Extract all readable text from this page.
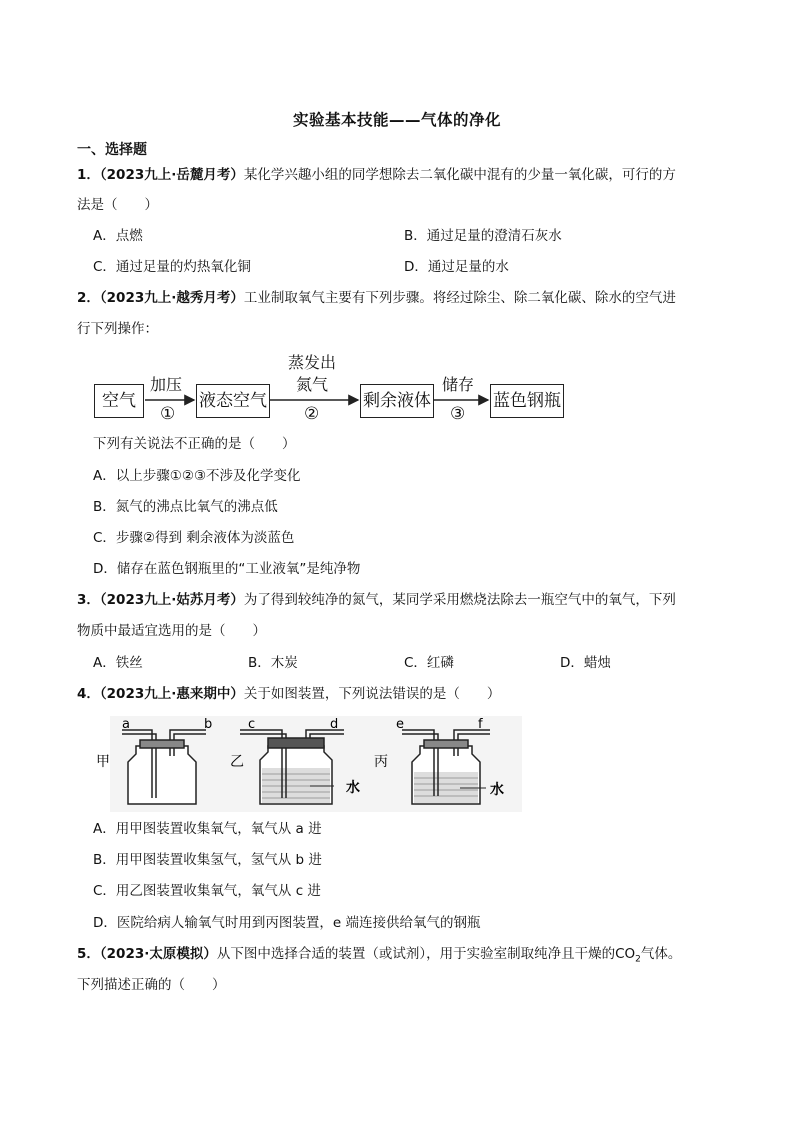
实验基本技能——气体的净化
一、选择题
1．（2023九上·岳麓月考）某化学兴趣小组的同学想除去二氧化碳中混有的少量一氧化碳，可行的方
法是（　　）
A．点燃	B．通过足量的澄清石灰水
C．通过足量的灼热氧化铜	D．通过足量的水
2．（2023九上·越秀月考）工业制取氧气主要有下列步骤。将经过除尘、除二氧化碳、除水的空气进
行下列操作：
空气	液态空气	剩余液体	蓝色钢瓶
加压
①
蒸发出
氮气
②
储存
③
下列有关说法不正确的是（　　）
A．以上步骤①②③不涉及化学变化
B．氮气的沸点比氧气的沸点低
C．步骤②得到 剩余液体为淡蓝色
D．储存在蓝色钢瓶里的“工业液氧”是纯净物
3．（2023九上·姑苏月考）为了得到较纯净的氮气，某同学采用燃烧法除去一瓶空气中的氧气，下列
物质中最适宜选用的是（　　）
A．铁丝	B．木炭	C．红磷	D．蜡烛
4．（2023九上·惠来期中）关于如图装置，下列说法错误的是（　　）
甲	乙	丙
a	b	c	d	e	f
水	水
A．用甲图装置收集氧气，氧气从 a 进
B．用甲图装置收集氢气，氢气从 b 进
C．用乙图装置收集氧气，氧气从 c 进
D．医院给病人输氧气时用到丙图装置，e 端连接供给氧气的钢瓶
5．（2023·太原模拟）从下图中选择合适的装置（或试剂），用于实验室制取纯净且干燥的$CO_2$气体。
下列描述正确的（　　）
